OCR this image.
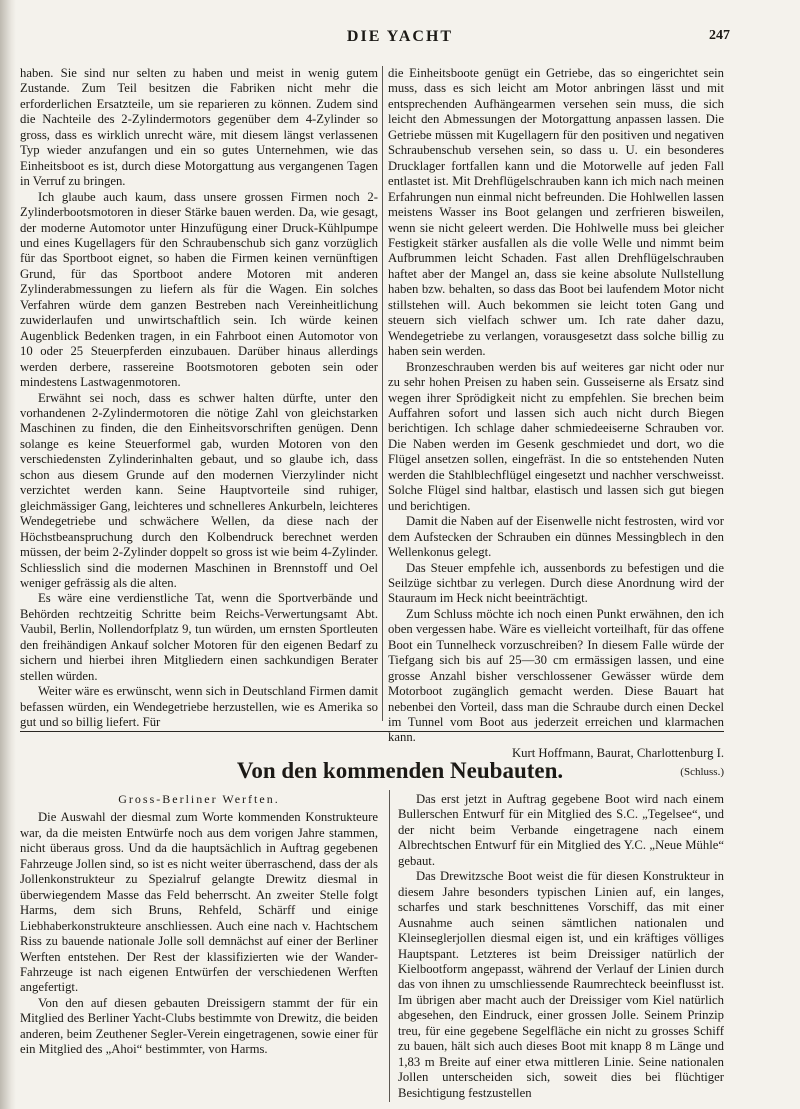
DIE YACHT	247

haben. Sie sind nur selten zu haben und meist in wenig gutem Zustande. Zum Teil besitzen die Fabriken nicht mehr die erforderlichen Ersatzteile, um sie reparieren zu können. Zudem sind die Nachteile des 2-Zylindermotors gegenüber dem 4-Zylinder so gross, dass es wirklich unrecht wäre, mit diesem längst verlassenen Typ wieder anzufangen und ein so gutes Unternehmen, wie das Einheitsboot es ist, durch diese Motorgattung aus vergangenen Tagen in Verruf zu bringen.

Ich glaube auch kaum, dass unsere grossen Firmen noch 2-Zylinderbootsmotoren in dieser Stärke bauen werden. Da, wie gesagt, der moderne Automotor unter Hinzufügung einer Druck-Kühlpumpe und eines Kugellagers für den Schraubenschub sich ganz vorzüglich für das Sportboot eignet, so haben die Firmen keinen vernünftigen Grund, für das Sportboot andere Motoren mit anderen Zylinderabmessungen zu liefern als für die Wagen. Ein solches Verfahren würde dem ganzen Bestreben nach Vereinheitlichung zuwiderlaufen und unwirtschaftlich sein. Ich würde keinen Augenblick Bedenken tragen, in ein Fahrboot einen Automotor von 10 oder 25 Steuerpferden einzubauen. Darüber hinaus allerdings werden derbere, rassereine Bootsmotoren geboten sein oder mindestens Lastwagenmotoren.

Erwähnt sei noch, dass es schwer halten dürfte, unter den vorhandenen 2-Zylindermotoren die nötige Zahl von gleichstarken Maschinen zu finden, die den Einheitsvorschriften genügen. Denn solange es keine Steuerformel gab, wurden Motoren von den verschiedensten Zylinderinhalten gebaut, und so glaube ich, dass schon aus diesem Grunde auf den modernen Vierzylinder nicht verzichtet werden kann. Seine Hauptvorteile sind ruhiger, gleichmässiger Gang, leichteres und schnelleres Ankurbeln, leichteres Wendegetriebe und schwächere Wellen, da diese nach der Höchstbeanspruchung durch den Kolbendruck berechnet werden müssen, der beim 2-Zylinder doppelt so gross ist wie beim 4-Zylinder. Schliesslich sind die modernen Maschinen in Brennstoff und Oel weniger gefrässig als die alten.

Es wäre eine verdienstliche Tat, wenn die Sportverbände und Behörden rechtzeitig Schritte beim Reichs-Verwertungsamt Abt. Vaubil, Berlin, Nollendorfplatz 9, tun würden, um ernsten Sportleuten den freihändigen Ankauf solcher Motoren für den eigenen Bedarf zu sichern und hierbei ihren Mitgliedern einen sachkundigen Berater stellen würden.

Weiter wäre es erwünscht, wenn sich in Deutschland Firmen damit befassen würden, ein Wendegetriebe herzustellen, wie es Amerika so gut und so billig liefert. Für

die Einheitsboote genügt ein Getriebe, das so eingerichtet sein muss, dass es sich leicht am Motor anbringen lässt und mit entsprechenden Aufhängearmen versehen sein muss, die sich leicht den Abmessungen der Motorgattung anpassen lassen. Die Getriebe müssen mit Kugellagern für den positiven und negativen Schraubenschub versehen sein, so dass u. U. ein besonderes Drucklager fortfallen kann und die Motorwelle auf jeden Fall entlastet ist. Mit Drehflügelschrauben kann ich mich nach meinen Erfahrungen nun einmal nicht befreunden. Die Hohlwellen lassen meistens Wasser ins Boot gelangen und zerfrieren bisweilen, wenn sie nicht geleert werden. Die Hohlwelle muss bei gleicher Festigkeit stärker ausfallen als die volle Welle und nimmt beim Aufbrummen leicht Schaden. Fast allen Drehflügelschrauben haftet aber der Mangel an, dass sie keine absolute Nullstellung haben bzw. behalten, so dass das Boot bei laufendem Motor nicht stillstehen will. Auch bekommen sie leicht toten Gang und steuern sich vielfach schwer um. Ich rate daher dazu, Wendegetriebe zu verlangen, vorausgesetzt dass solche billig zu haben sein werden.

Bronzeschrauben werden bis auf weiteres gar nicht oder nur zu sehr hohen Preisen zu haben sein. Gusseiserne als Ersatz sind wegen ihrer Sprödigkeit nicht zu empfehlen. Sie brechen beim Auffahren sofort und lassen sich auch nicht durch Biegen berichtigen. Ich schlage daher schmiedeeiserne Schrauben vor. Die Naben werden im Gesenk geschmiedet und dort, wo die Flügel ansetzen sollen, eingefräst. In die so entstehenden Nuten werden die Stahlblechflügel eingesetzt und nachher verschweisst. Solche Flügel sind haltbar, elastisch und lassen sich gut biegen und berichtigen.

Damit die Naben auf der Eisenwelle nicht festrosten, wird vor dem Aufstecken der Schrauben ein dünnes Messingblech in den Wellenkonus gelegt.

Das Steuer empfehle ich, aussenbords zu befestigen und die Seilzüge sichtbar zu verlegen. Durch diese Anordnung wird der Stauraum im Heck nicht beeinträchtigt.

Zum Schluss möchte ich noch einen Punkt erwähnen, den ich oben vergessen habe. Wäre es vielleicht vorteilhaft, für das offene Boot ein Tunnelheck vorzuschreiben? In diesem Falle würde der Tiefgang sich bis auf 25—30 cm ermässigen lassen, und eine grosse Anzahl bisher verschlossener Gewässer würde dem Motorboot zugänglich gemacht werden. Diese Bauart hat nebenbei den Vorteil, dass man die Schraube durch einen Deckel im Tunnel vom Boot aus jederzeit erreichen und klarmachen kann.

Kurt Hoffmann, Baurat, Charlottenburg I.

Von den kommenden Neubauten.	(Schluss.)

Gross-Berliner Werften.

Die Auswahl der diesmal zum Worte kommenden Konstrukteure war, da die meisten Entwürfe noch aus dem vorigen Jahre stammen, nicht überaus gross. Und da die hauptsächlich in Auftrag gegebenen Fahrzeuge Jollen sind, so ist es nicht weiter überraschend, dass der als Jollenkonstrukteur zu Spezialruf gelangte Drewitz diesmal in überwiegendem Masse das Feld beherrscht. An zweiter Stelle folgt Harms, dem sich Bruns, Rehfeld, Schärff und einige Liebhaberkonstrukteure anschliessen. Auch eine nach v. Hachtschem Riss zu bauende nationale Jolle soll demnächst auf einer der Berliner Werften entstehen. Der Rest der klassifizierten wie der Wander-Fahrzeuge ist nach eigenen Entwürfen der verschiedenen Werften angefertigt.

Von den auf diesen gebauten Dreissigern stammt der für ein Mitglied des Berliner Yacht-Clubs bestimmte von Drewitz, die beiden anderen, beim Zeuthener Segler-Verein eingetragenen, sowie einer für ein Mitglied des „Ahoi“ bestimmter, von Harms.

Das erst jetzt in Auftrag gegebene Boot wird nach einem Bullerschen Entwurf für ein Mitglied des S.C. „Tegelsee“, und der nicht beim Verbande eingetragene nach einem Albrechtschen Entwurf für ein Mitglied des Y.C. „Neue Mühle“ gebaut.

Das Drewitzsche Boot weist die für diesen Konstrukteur in diesem Jahre besonders typischen Linien auf, ein langes, scharfes und stark beschnittenes Vorschiff, das mit einer Ausnahme auch seinen sämtlichen nationalen und Kleinseglerjollen diesmal eigen ist, und ein kräftiges völliges Hauptspant. Letzteres ist beim Dreissiger natürlich der Kielbootform angepasst, während der Verlauf der Linien durch das von ihnen zu umschliessende Raumrechteck beeinflusst ist. Im übrigen aber macht auch der Dreissiger vom Kiel natürlich abgesehen, den Eindruck, einer grossen Jolle. Seinem Prinzip treu, für eine gegebene Segelfläche ein nicht zu grosses Schiff zu bauen, hält sich auch dieses Boot mit knapp 8 m Länge und 1,83 m Breite auf einer etwa mittleren Linie. Seine nationalen Jollen unterscheiden sich, soweit dies bei flüchtiger Besichtigung festzustellen
